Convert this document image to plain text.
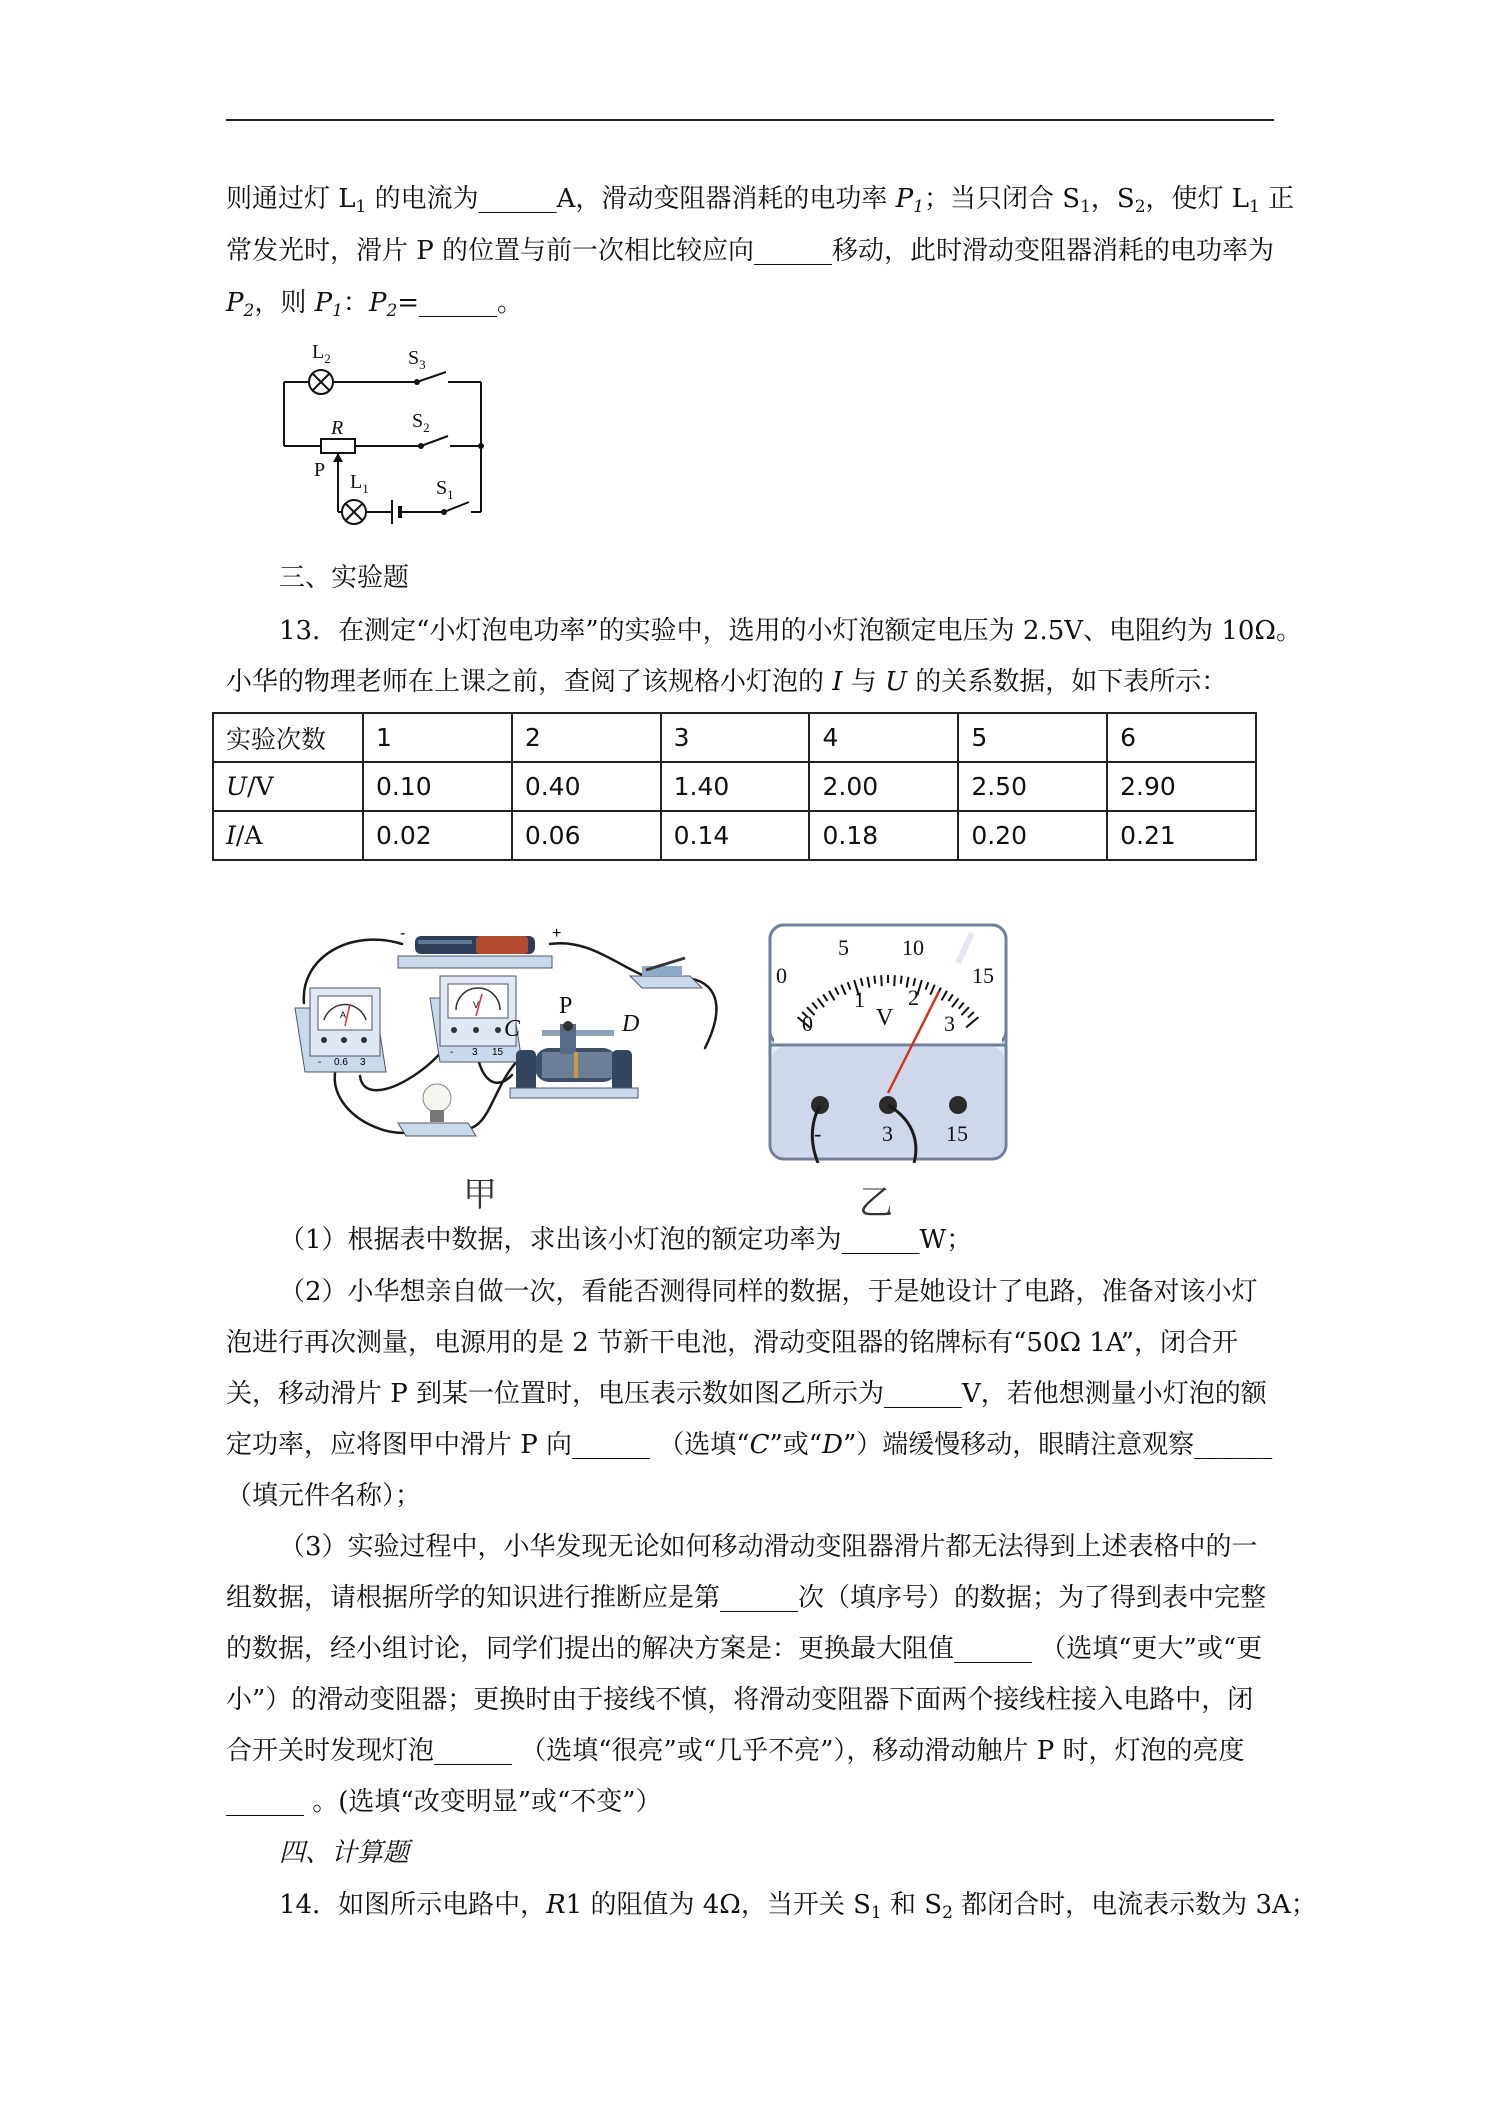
则通过灯 $L_1$ 的电流为______A，滑动变阻器消耗的电功率 $P_1$；当只闭合 $S_1$，$S_2$，使灯 $L_1$ 正
常发光时，滑片 P 的位置与前一次相比较应向______移动，此时滑动变阻器消耗的电功率为
$P_2$，则 $P_1$：$P_2=\_\_\_\_\_\_$。
$L_2$	$S_3$
R	$S_2$
P
$L_1$	$S_1$
三、实验题
13．在测定“小灯泡电功率”的实验中，选用的小灯泡额定电压为 2.5V、电阻约为 10Ω。
小华的物理老师在上课之前，查阅了该规格小灯泡的 I 与 U 的关系数据，如下表所示：
实验次数	1	2	3	4	5	6
U/V	0.10	0.40	1.40	2.00	2.50	2.90
I/A	0.02	0.06	0.14	0.18	0.20	0.21
-	+
A
- 0.6 3
V
- 3 15
C
P
D
甲
0
5 10
15
0
1 2
3
V
-	3 15
乙
（1）根据表中数据，求出该小灯泡的额定功率为______W；
（2）小华想亲自做一次，看能否测得同样的数据，于是她设计了电路，准备对该小灯
泡进行再次测量，电源用的是 2 节新干电池，滑动变阻器的铭牌标有“50Ω 1A”，闭合开
关，移动滑片 P 到某一位置时，电压表示数如图乙所示为______V，若他想测量小灯泡的额
定功率，应将图甲中滑片 P 向______ （选填“C”或“D”）端缓慢移动，眼睛注意观察______
（填元件名称）；
（3）实验过程中，小华发现无论如何移动滑动变阻器滑片都无法得到上述表格中的一
组数据，请根据所学的知识进行推断应是第______次（填序号）的数据；为了得到表中完整
的数据，经小组讨论，同学们提出的解决方案是：更换最大阻值______ （选填“更大”或“更
小”）的滑动变阻器；更换时由于接线不慎，将滑动变阻器下面两个接线柱接入电路中，闭
合开关时发现灯泡______ （选填“很亮”或“几乎不亮”），移动滑动触片 P 时，灯泡的亮度
______ 。(选填“改变明显”或“不变”）
四、计算题
14．如图所示电路中，R1 的阻值为 4Ω，当开关 $S_1$ 和 $S_2$ 都闭合时，电流表示数为 3A；
